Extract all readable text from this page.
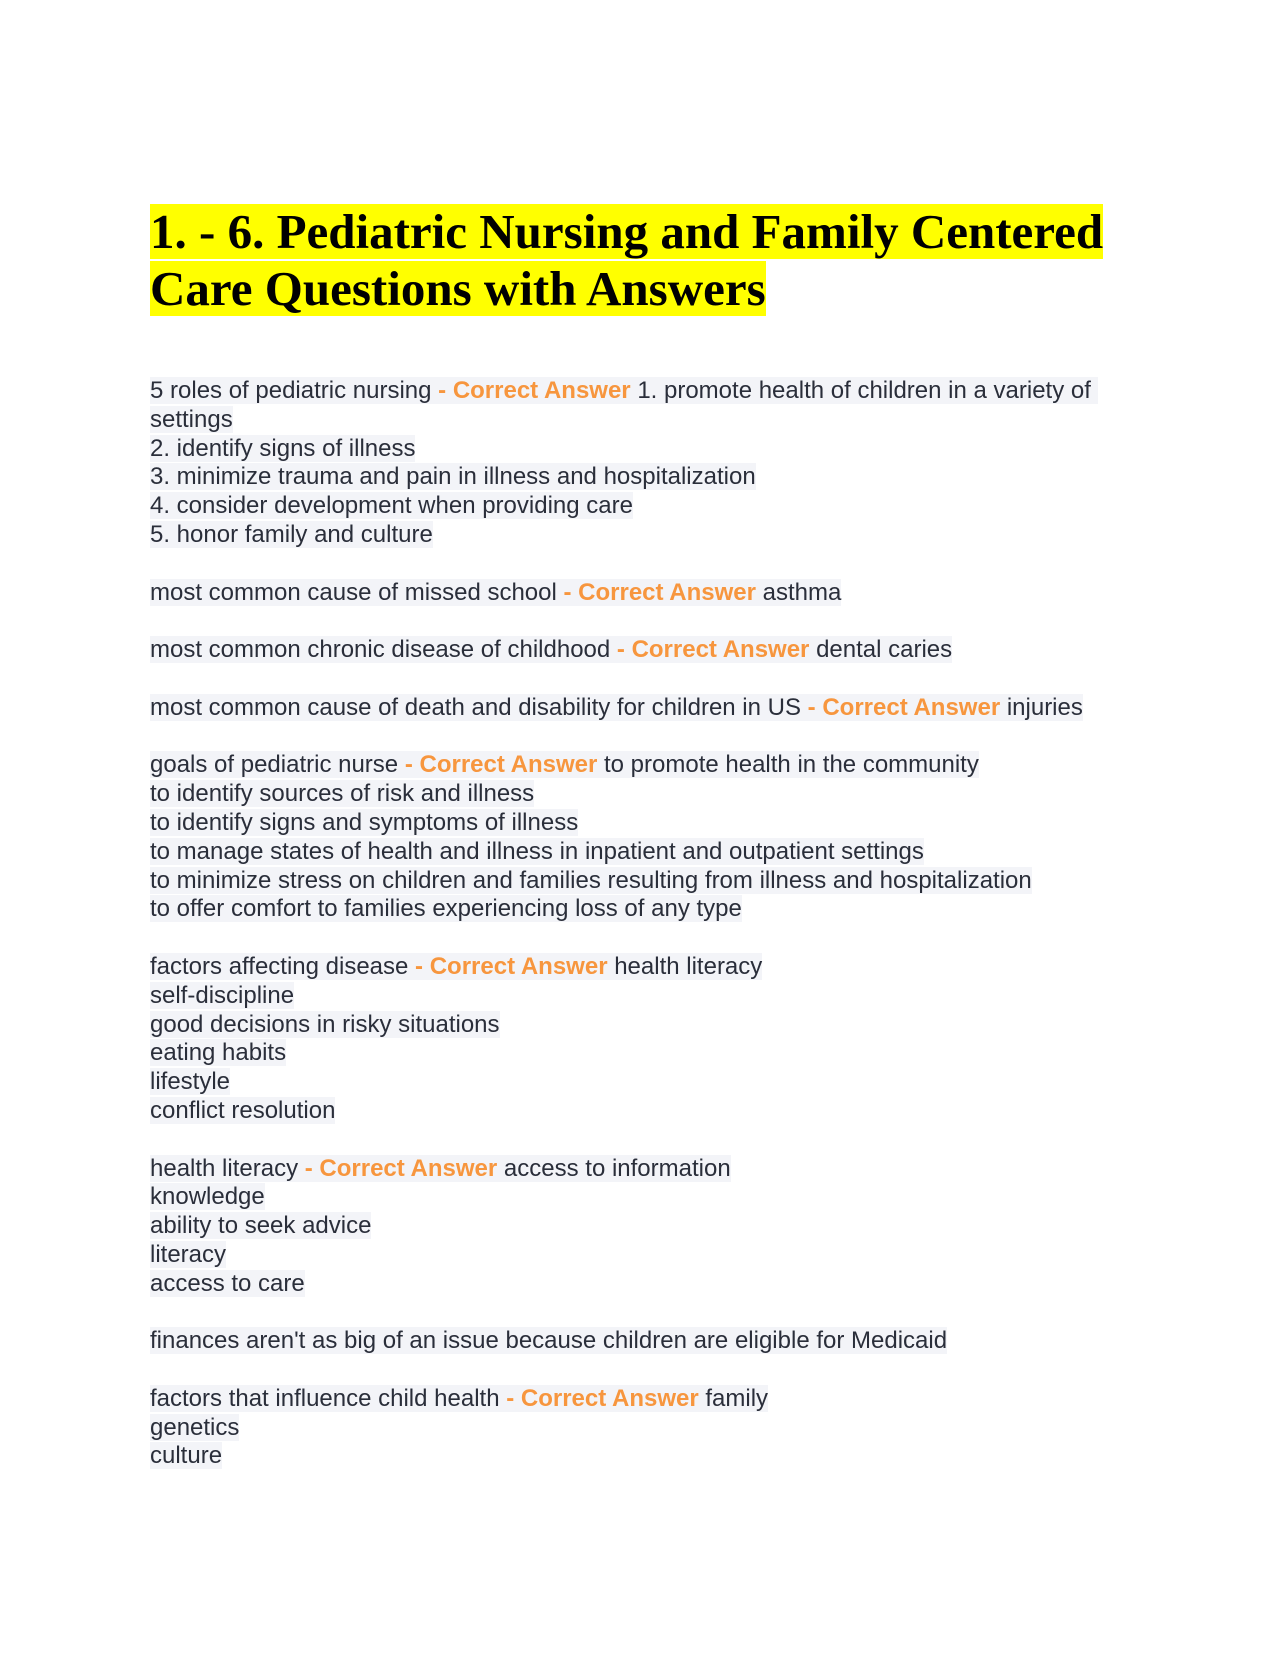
1. - 6. Pediatric Nursing and Family Centered Care Questions with Answers
5 roles of pediatric nursing - Correct Answer 1. promote health of children in a variety of settings
2. identify signs of illness
3. minimize trauma and pain in illness and hospitalization
4. consider development when providing care
5. honor family and culture
most common cause of missed school - Correct Answer asthma
most common chronic disease of childhood - Correct Answer dental caries
most common cause of death and disability for children in US - Correct Answer injuries
goals of pediatric nurse - Correct Answer to promote health in the community
to identify sources of risk and illness
to identify signs and symptoms of illness
to manage states of health and illness in inpatient and outpatient settings
to minimize stress on children and families resulting from illness and hospitalization
to offer comfort to families experiencing loss of any type
factors affecting disease - Correct Answer health literacy
self-discipline
good decisions in risky situations
eating habits
lifestyle
conflict resolution
health literacy - Correct Answer access to information
knowledge
ability to seek advice
literacy
access to care

finances aren't as big of an issue because children are eligible for Medicaid
factors that influence child health - Correct Answer family
genetics
culture
